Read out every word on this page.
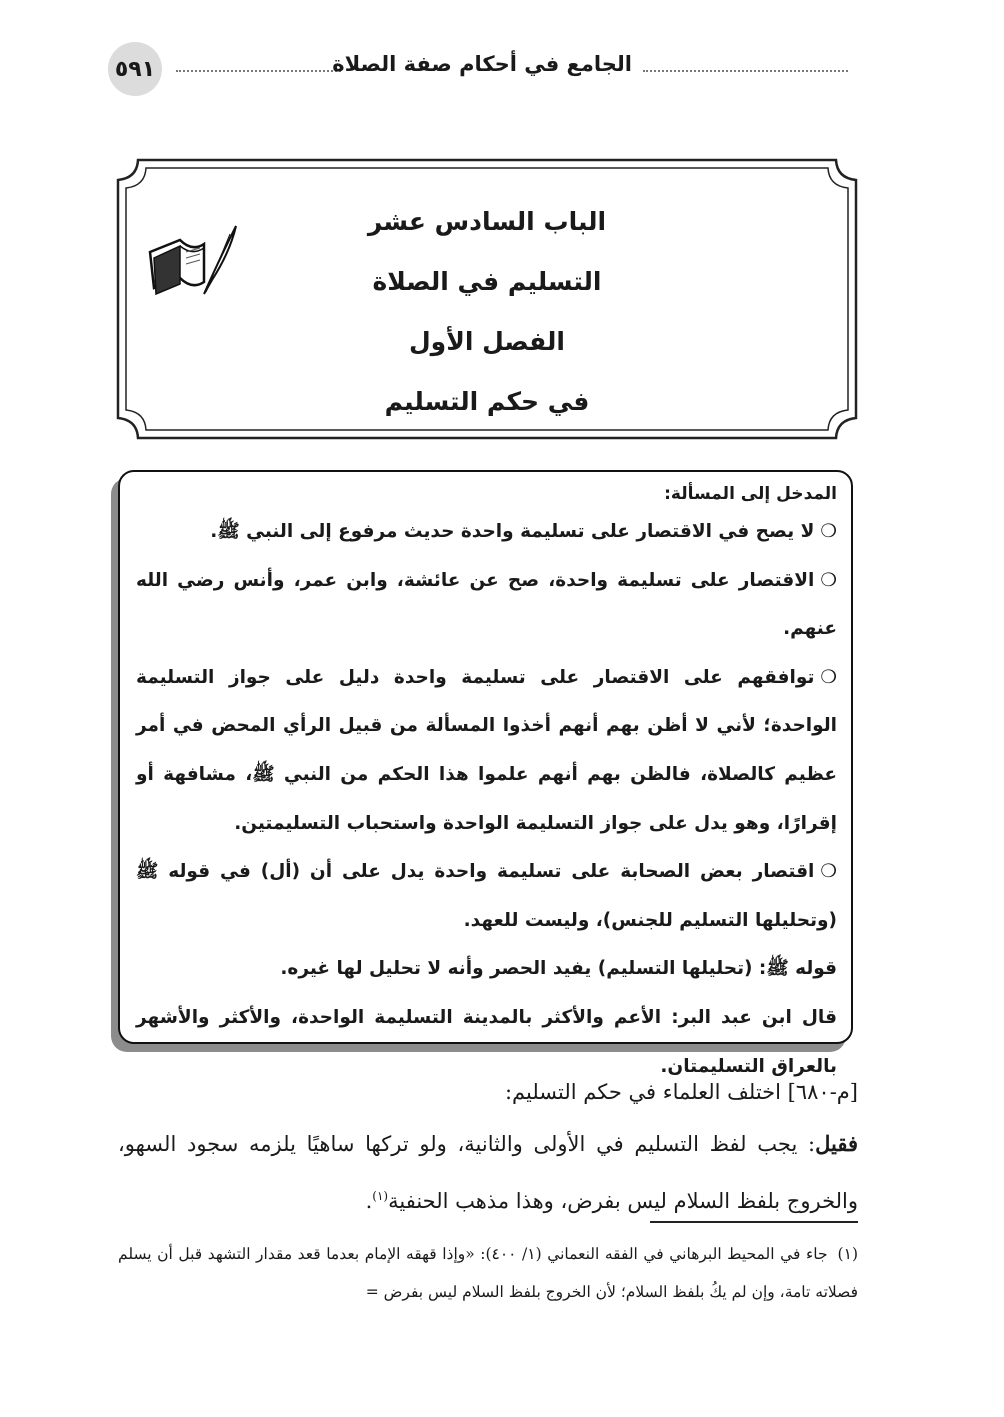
٥٩١	الجامع في أحكام صفة الصلاة
الباب السادس عشر
التسليم في الصلاة
الفصل الأول
في حكم التسليم
المدخل إلى المسألة:
❍لا يصح في الاقتصار على تسليمة واحدة حديث مرفوع إلى النبي ﷺ.
❍الاقتصار على تسليمة واحدة، صح عن عائشة، وابن عمر، وأنس رضي الله عنهم.
❍توافقهم على الاقتصار على تسليمة واحدة دليل على جواز التسليمة الواحدة؛ لأني لا أظن بهم أنهم أخذوا المسألة من قبيل الرأي المحض في أمر عظيم كالصلاة، فالظن بهم أنهم علموا هذا الحكم من النبي ﷺ، مشافهة أو إقرارًا، وهو يدل على جواز التسليمة الواحدة واستحباب التسليمتين.
❍اقتصار بعض الصحابة على تسليمة واحدة يدل على أن (أل) في قوله ﷺ (وتحليلها التسليم للجنس)، وليست للعهد.

قوله ﷺ: (تحليلها التسليم) يفيد الحصر وأنه لا تحليل لها غيره.

قال ابن عبد البر: الأعم والأكثر بالمدينة التسليمة الواحدة، والأكثر والأشهر بالعراق التسليمتان.

[م-٦٨٠] اختلف العلماء في حكم التسليم:

فقيل: يجب لفظ التسليم في الأولى والثانية، ولو تركها ساهيًا يلزمه سجود السهو، والخروج بلفظ السلام ليس بفرض، وهذا مذهب الحنفية$^{(١)}$.

(١)جاء في المحيط البرهاني في الفقه النعماني (١/ ٤٠٠): «وإذا قهقه الإمام بعدما قعد مقدار التشهد قبل أن يسلم فصلاته تامة، وإن لم يكُ بلفظ السلام؛ لأن الخروج بلفظ السلام ليس بفرض =
